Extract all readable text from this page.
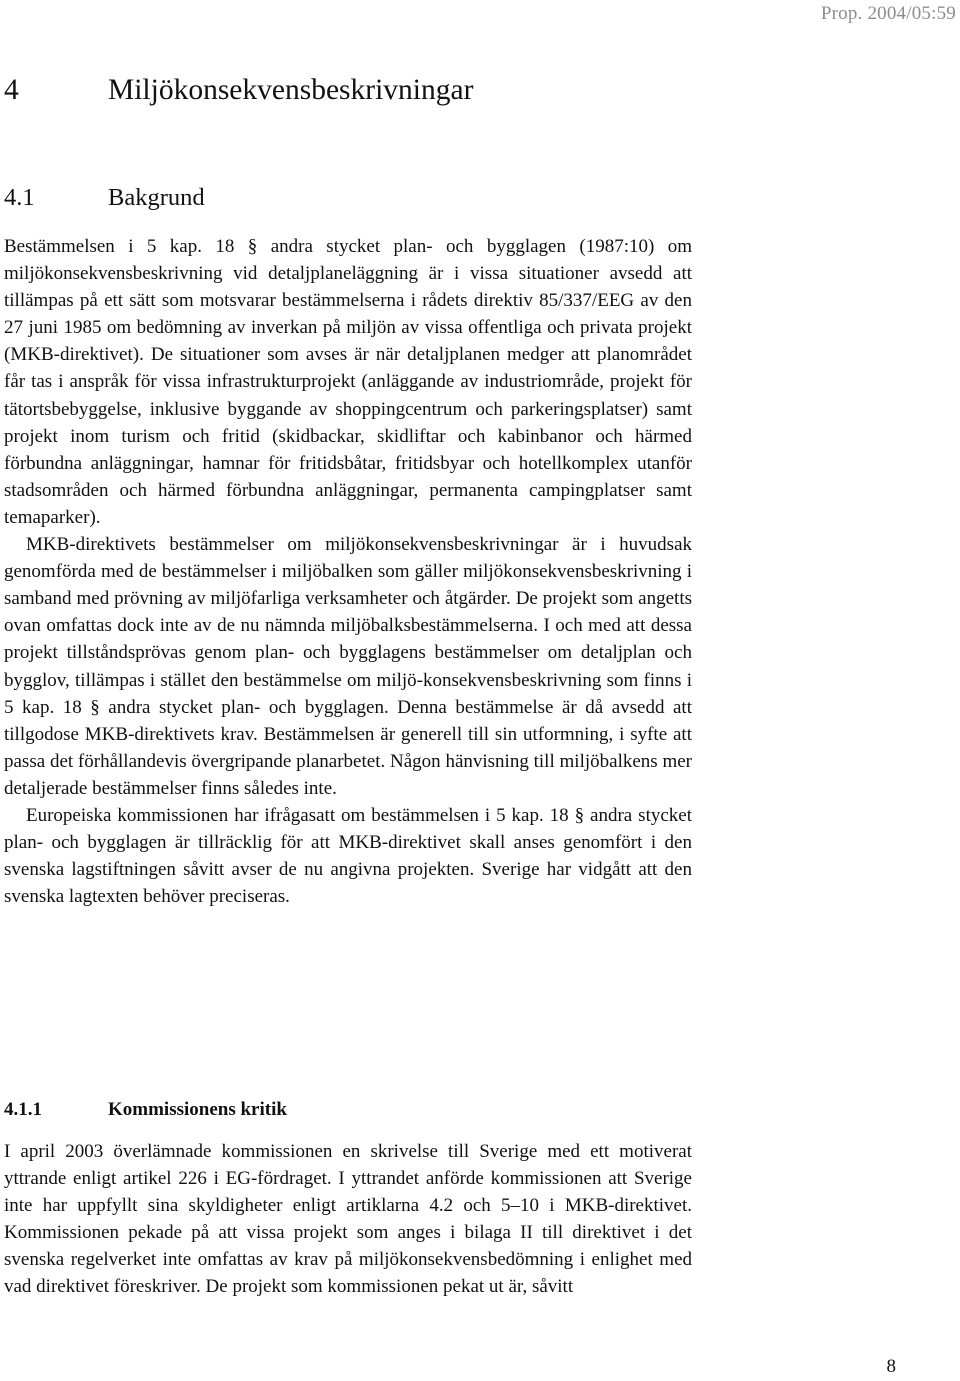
Prop. 2004/05:59
4	Miljökonsekvensbeskrivningar
4.1	Bakgrund

Bestämmelsen i 5 kap. 18 § andra stycket plan- och bygglagen (1987:10) om miljökonsekvensbeskrivning vid detaljplaneläggning är i vissa situationer avsedd att tillämpas på ett sätt som motsvarar bestämmelserna i rådets direktiv 85/337/EEG av den 27 juni 1985 om bedömning av inverkan på miljön av vissa offentliga och privata projekt (MKB-direktivet). De situationer som avses är när detaljplanen medger att planområdet får tas i anspråk för vissa infrastrukturprojekt (anläggande av industriområde, projekt för tätortsbebyggelse, inklusive byggande av shoppingcentrum och parkeringsplatser) samt projekt inom turism och fritid (skidbackar, skidliftar och kabinbanor och härmed förbundna anläggningar, hamnar för fritidsbåtar, fritidsbyar och hotellkomplex utanför stadsområden och härmed förbundna anläggningar, permanenta campingplatser samt temaparker).

MKB-direktivets bestämmelser om miljökonsekvensbeskrivningar är i huvudsak genomförda med de bestämmelser i miljöbalken som gäller miljökonsekvensbeskrivning i samband med prövning av miljöfarliga verksamheter och åtgärder. De projekt som angetts ovan omfattas dock inte av de nu nämnda miljöbalksbestämmelserna. I och med att dessa projekt tillståndsprövas genom plan- och bygglagens bestämmelser om detaljplan och bygglov, tillämpas i stället den bestämmelse om miljö-konsekvensbeskrivning som finns i 5 kap. 18 § andra stycket plan- och bygglagen. Denna bestämmelse är då avsedd att tillgodose MKB-direktivets krav. Bestämmelsen är generell till sin utformning, i syfte att passa det förhållandevis övergripande planarbetet. Någon hänvisning till miljöbalkens mer detaljerade bestämmelser finns således inte.

Europeiska kommissionen har ifrågasatt om bestämmelsen i 5 kap. 18 § andra stycket plan- och bygglagen är tillräcklig för att MKB-direktivet skall anses genomfört i den svenska lagstiftningen såvitt avser de nu angivna projekten. Sverige har vidgått att den svenska lagtexten behöver preciseras.

4.1.1	Kommissionens kritik

I april 2003 överlämnade kommissionen en skrivelse till Sverige med ett motiverat yttrande enligt artikel 226 i EG-fördraget. I yttrandet anförde kommissionen att Sverige inte har uppfyllt sina skyldigheter enligt artiklarna 4.2 och 5–10 i MKB-direktivet. Kommissionen pekade på att vissa projekt som anges i bilaga II till direktivet i det svenska regelverket inte omfattas av krav på miljökonsekvensbedömning i enlighet med vad direktivet föreskriver. De projekt som kommissionen pekat ut är, såvitt

8
